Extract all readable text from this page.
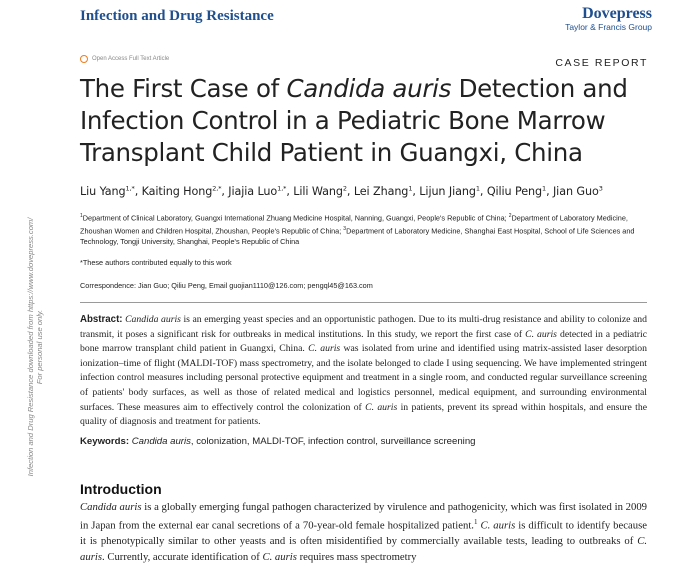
Infection and Drug Resistance	Dovepress
Taylor & Francis Group
Open Access Full Text Article	CASE REPORT
The First Case of Candida auris Detection and
Infection Control in a Pediatric Bone Marrow
Transplant Child Patient in Guangxi, China
Liu Yang$^{1,*}$, Kaiting Hong$^{2,*}$, Jiajia Luo$^{1,*}$, Lili Wang$^2$, Lei Zhang$^1$, Lijun Jiang$^1$, Qiliu Peng$^1$, Jian Guo$^3$
$^1$Department of Clinical Laboratory, Guangxi International Zhuang Medicine Hospital, Nanning, Guangxi, People's Republic of China; $^2$Department of Laboratory Medicine, Zhoushan Women and Children Hospital, Zhoushan, People's Republic of China; $^3$Department of Laboratory Medicine, Shanghai East Hospital, School of Life Sciences and Technology, Tongji University, Shanghai, People's Republic of China
*These authors contributed equally to this work
Correspondence: Jian Guo; Qiliu Peng, Email guojian1110@126.com; pengql45@163.com
Abstract: Candida auris is an emerging yeast species and an opportunistic pathogen. Due to its multi-drug resistance and ability to colonize and transmit, it poses a significant risk for outbreaks in medical institutions. In this study, we report the first case of C. auris detected in a pediatric bone marrow transplant child patient in Guangxi, China. C. auris was isolated from urine and identified using matrix-assisted laser desorption ionization–time of flight (MALDI-TOF) mass spectrometry, and the isolate belonged to clade I using sequencing. We have implemented stringent infection control measures including personal protective equipment and treatment in a single room, and conducted regular surveillance screening of patients' body surfaces, as well as those of related medical and logistics personnel, medical equipment, and surrounding environmental surfaces. These measures aim to effectively control the colonization of C. auris in patients, prevent its spread within hospitals, and ensure the quality of diagnosis and treatment for patients.
Keywords: Candida auris, colonization, MALDI-TOF, infection control, surveillance screening
Introduction
Candida auris is a globally emerging fungal pathogen characterized by virulence and pathogenicity, which was first isolated in 2009 in Japan from the external ear canal secretions of a 70-year-old female hospitalized patient.$^1$ C. auris is difficult to identify because it is phenotypically similar to other yeasts and is often misidentified by commercially available tests, leading to outbreaks of C. auris. Currently, accurate identification of C. auris requires mass spectrometry
Infection and Drug Resistance downloaded from https://www.dovepress.com/ For personal use only.
